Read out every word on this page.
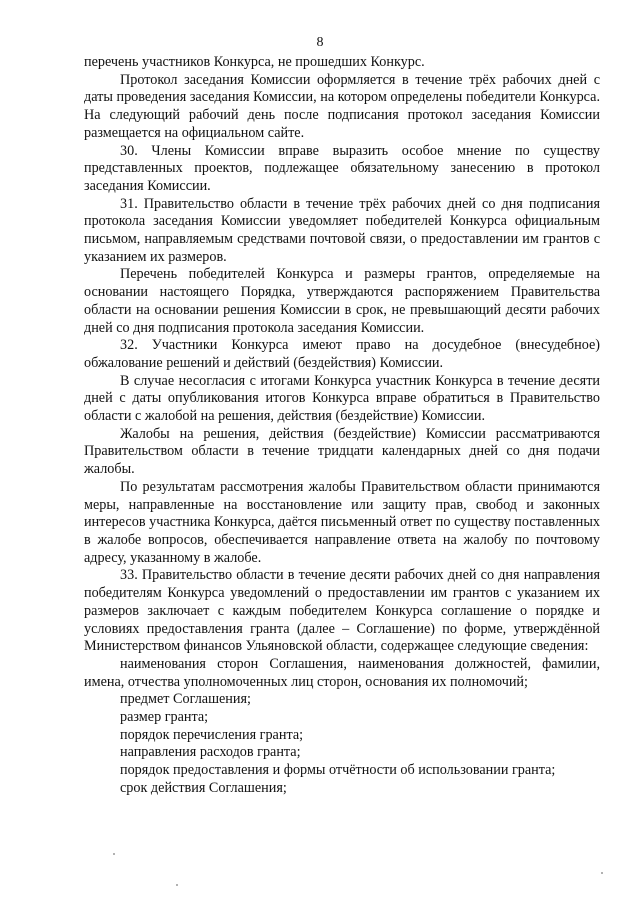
8

перечень участников Конкурса, не прошедших Конкурс.

Протокол заседания Комиссии оформляется в течение трёх рабочих дней с даты проведения заседания Комиссии, на котором определены победители Конкурса. На следующий рабочий день после подписания протокол заседания Комиссии размещается на официальном сайте.

30. Члены Комиссии вправе выразить особое мнение по существу представленных проектов, подлежащее обязательному занесению в протокол заседания Комиссии.

31. Правительство области в течение трёх рабочих дней со дня подписания протокола заседания Комиссии уведомляет победителей Конкурса официальным письмом, направляемым средствами почтовой связи, о предоставлении им грантов с указанием их размеров.

Перечень победителей Конкурса и размеры грантов, определяемые на основании настоящего Порядка, утверждаются распоряжением Правительства области на основании решения Комиссии в срок, не превышающий десяти рабочих дней со дня подписания протокола заседания Комиссии.

32. Участники Конкурса имеют право на досудебное (внесудебное) обжалование решений и действий (бездействия) Комиссии.

В случае несогласия с итогами Конкурса участник Конкурса в течение десяти дней с даты опубликования итогов Конкурса вправе обратиться в Правительство области с жалобой на решения, действия (бездействие) Комиссии.

Жалобы на решения, действия (бездействие) Комиссии рассматриваются Правительством области в течение тридцати календарных дней со дня подачи жалобы.

По результатам рассмотрения жалобы Правительством области принимаются меры, направленные на восстановление или защиту прав, свобод и законных интересов участника Конкурса, даётся письменный ответ по существу поставленных в жалобе вопросов, обеспечивается направление ответа на жалобу по почтовому адресу, указанному в жалобе.

33. Правительство области в течение десяти рабочих дней со дня направления победителям Конкурса уведомлений о предоставлении им грантов с указанием их размеров заключает с каждым победителем Конкурса соглашение о порядке и условиях предоставления гранта (далее – Соглашение) по форме, утверждённой Министерством финансов Ульяновской области, содержащее следующие сведения:

наименования сторон Соглашения, наименования должностей, фамилии, имена, отчества уполномоченных лиц сторон, основания их полномочий;

предмет Соглашения;

размер гранта;

порядок перечисления гранта;

направления расходов гранта;

порядок предоставления и формы отчётности об использовании гранта;

срок действия Соглашения;
